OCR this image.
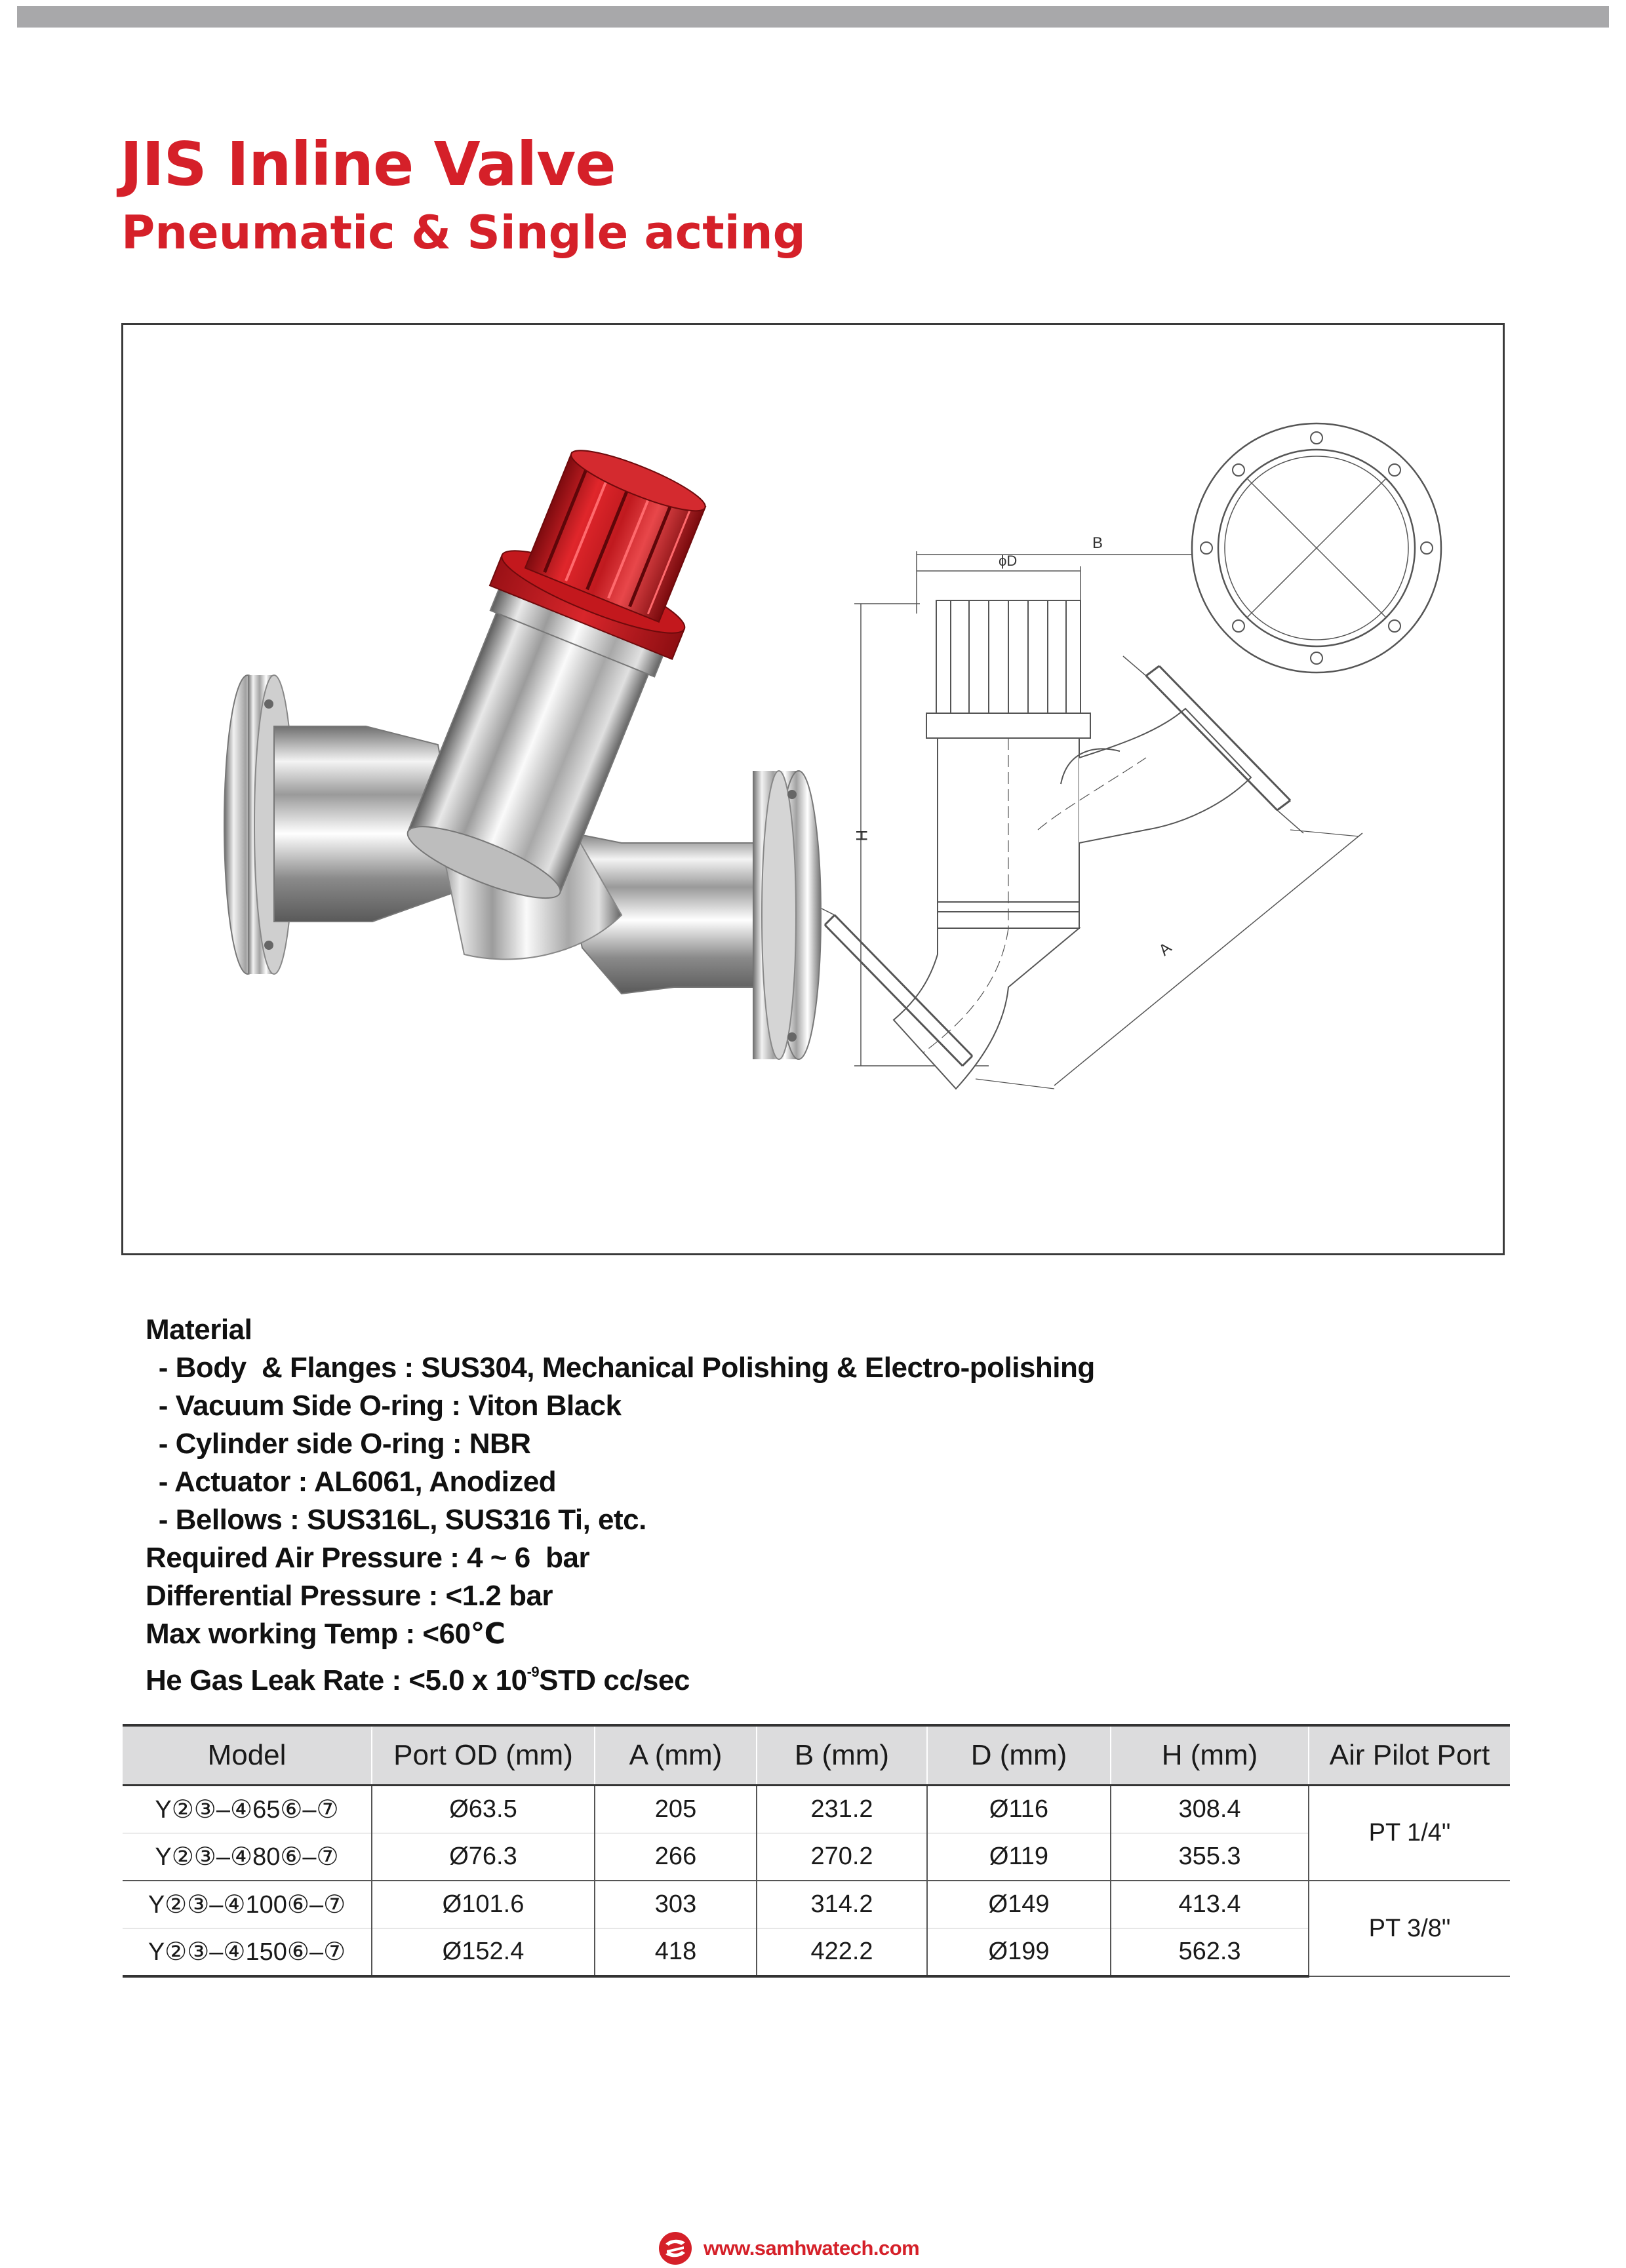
JIS Inline Valve
Pneumatic & Single acting
B
ϕD
H
A
Material
- Body  & Flanges : SUS304, Mechanical Polishing & Electro-polishing
- Vacuum Side O-ring : Viton Black
- Cylinder side O-ring : NBR
- Actuator : AL6061, Anodized
- Bellows : SUS316L, SUS316 Ti, etc.
Required Air Pressure : 4 ~ 6  bar
Differential Pressure : <1.2 bar
Max working Temp : <60℃
He Gas Leak Rate : <5.0 x $10^{-9}STD$ cc/sec
Model	Port OD (mm)	A (mm)	B (mm)	D (mm)	H (mm)	Air Pilot Port
Y②③–④65⑥–⑦	Ø63.5	205	231.2	Ø116	308.4	PT 1/4"
Y②③–④80⑥–⑦	Ø76.3	266	270.2	Ø119	355.3	
Y②③–④100⑥–⑦	Ø101.6	303	314.2	Ø149	413.4	PT 3/8"
Y②③–④150⑥–⑦	Ø152.4	418	422.2	Ø199	562.3	
www.samhwatech.com
